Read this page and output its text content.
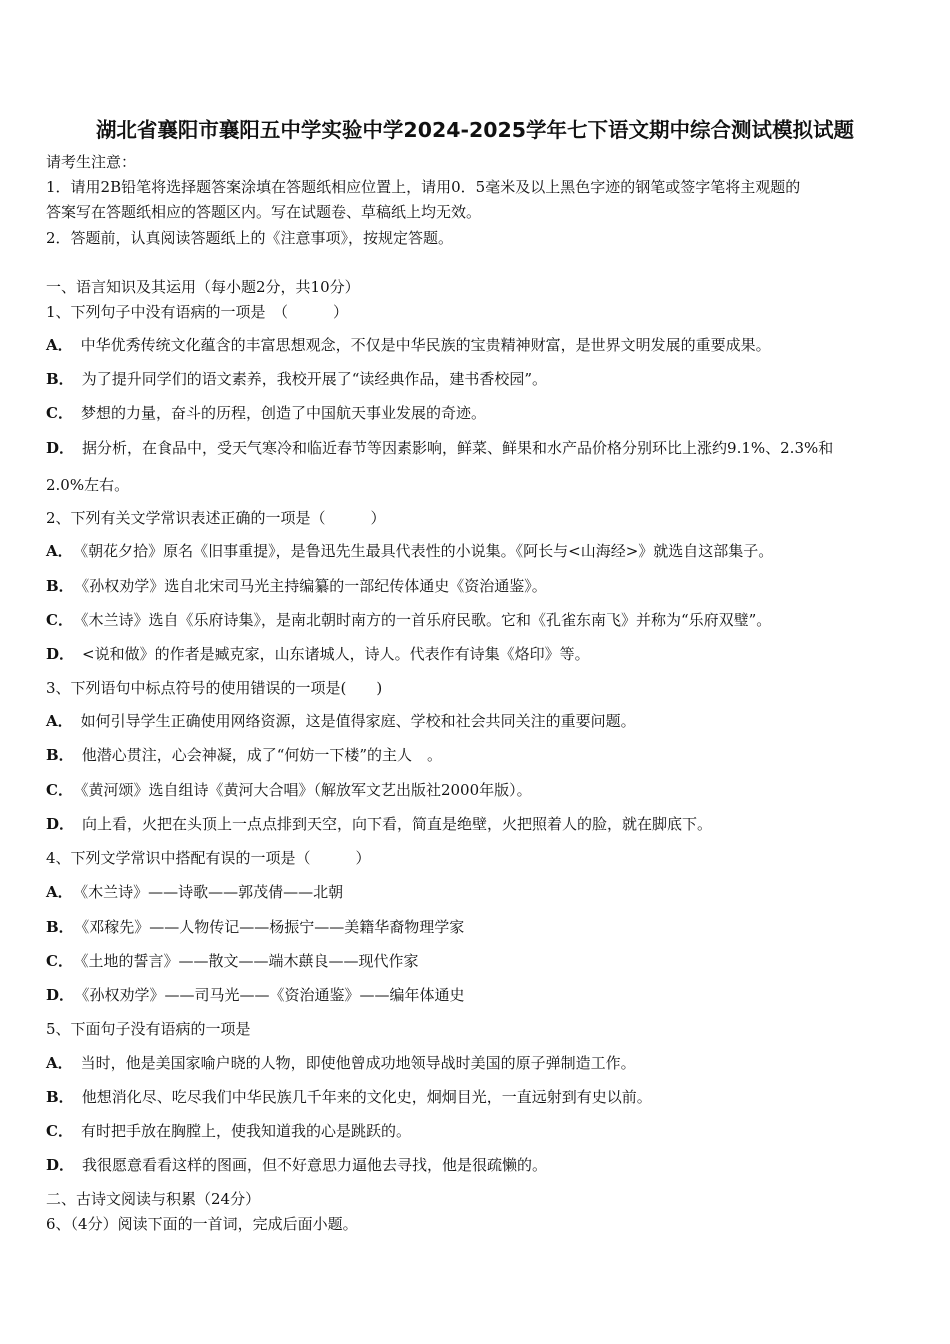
湖北省襄阳市襄阳五中学实验中学2024-2025学年七下语文期中综合测试模拟试题
请考生注意：
1．请用2B铅笔将选择题答案涂填在答题纸相应位置上，请用0．5毫米及以上黑色字迹的钢笔或签字笔将主观题的
答案写在答题纸相应的答题区内。写在试题卷、草稿纸上均无效。
2．答题前，认真阅读答题纸上的《注意事项》，按规定答题。
一、语言知识及其运用（每小题2分，共10分）
1、下列句子中没有语病的一项是　（　　　）
A． 中华优秀传统文化蕴含的丰富思想观念，不仅是中华民族的宝贵精神财富，是世界文明发展的重要成果。
B． 为了提升同学们的语文素养，我校开展了“读经典作品，建书香校园”。
C． 梦想的力量，奋斗的历程，创造了中国航天事业发展的奇迹。
D． 据分析，在食品中，受天气寒冷和临近春节等因素影响，鲜菜、鲜果和水产品价格分别环比上涨约9.1%、2.3%和
2.0%左右。
2、下列有关文学常识表述正确的一项是（　　　）
A． 《朝花夕拾》原名《旧事重提》，是鲁迅先生最具代表性的小说集。《阿长与<山海经>》就选自这部集子。
B． 《孙权劝学》选自北宋司马光主持编纂的一部纪传体通史《资治通鉴》。
C． 《木兰诗》选自《乐府诗集》，是南北朝时南方的一首乐府民歌。它和《孔雀东南飞》并称为“乐府双璧”。
D． <说和做》的作者是臧克家，山东诸城人，诗人。代表作有诗集《烙印》等。
3、下列语句中标点符号的使用错误的一项是(　　)
A． 如何引导学生正确使用网络资源，这是值得家庭、学校和社会共同关注的重要问题。
B． 他潜心贯注，心会神凝，成了“何妨一下楼”的主人　。
C． 《黄河颂》选自组诗《黄河大合唱》（解放军文艺出版社2000年版）。
D． 向上看，火把在头顶上一点点排到天空，向下看，简直是绝壁，火把照着人的脸，就在脚底下。
4、下列文学常识中搭配有误的一项是（　　　）
A． 《木兰诗》——诗歌——郭茂倩——北朝
B． 《邓稼先》——人物传记——杨振宁——美籍华裔物理学家
C． 《土地的誓言》——散文——端木蕻良——现代作家
D． 《孙权劝学》——司马光——《资治通鉴》——编年体通史
5、下面句子没有语病的一项是
A． 当时，他是美国家喻户晓的人物，即使他曾成功地领导战时美国的原子弹制造工作。
B． 他想消化尽、吃尽我们中华民族几千年来的文化史，炯炯目光，一直远射到有史以前。
C． 有时把手放在胸膛上，使我知道我的心是跳跃的。
D． 我很愿意看看这样的图画，但不好意思力逼他去寻找，他是很疏懒的。
二、古诗文阅读与积累（24分）
6、（4分）阅读下面的一首词，完成后面小题。
